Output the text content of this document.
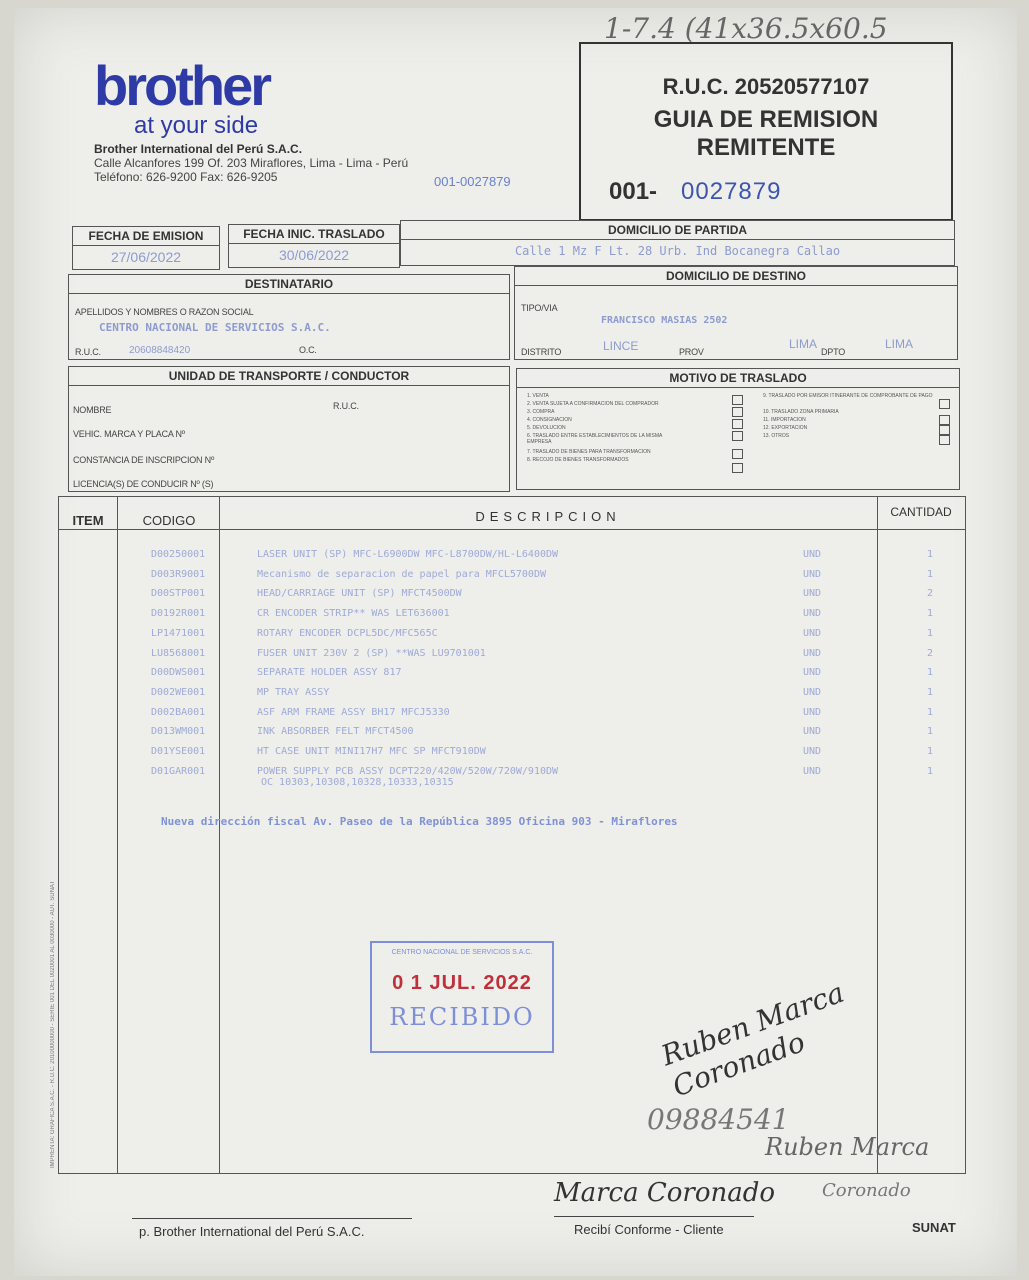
1-7.4 (41x36.5x60.5
brother
at your side
Brother International del Perú S.A.C.
Calle Alcanfores 199 Of. 203 Miraflores, Lima - Lima - Perú
Teléfono: 626-9200 Fax: 626-9205	001-0027879
R.U.C. 20520577107
GUIA DE REMISION
REMITENTE
001- 0027879
FECHA DE EMISION
27/06/2022
FECHA INIC. TRASLADO
30/06/2022
DOMICILIO DE PARTIDA
Calle 1 Mz F Lt. 28 Urb. Ind Bocanegra Callao
DESTINATARIO
APELLIDOS Y NOMBRES O RAZON SOCIAL
CENTRO NACIONAL DE SERVICIOS S.A.C.
R.U.C.	20608848420	O.C.
DOMICILIO DE DESTINO
TIPO/VIA
FRANCISCO MASIAS 2502
DISTRITO	LINCE	PROV
LIMA
DPTO
LIMA
UNIDAD DE TRANSPORTE / CONDUCTOR
NOMBRE	R.U.C.
VEHIC. MARCA Y PLACA Nº
CONSTANCIA DE INSCRIPCION Nº
LICENCIA(S) DE CONDUCIR Nº (S)
MOTIVO DE TRASLADO
1. VENTA
2. VENTA SUJETA A CONFIRMACION DEL COMPRADOR
3. COMPRA
4. CONSIGNACION
5. DEVOLUCION
6. TRASLADO ENTRE ESTABLECIMIENTOS DE LA MISMA EMPRESA
7. TRASLADO DE BIENES PARA TRANSFORMACION
8. RECOJO DE BIENES TRANSFORMADOS
9. TRASLADO POR EMISOR ITINERANTE DE COMPROBANTE DE PAGO
10. TRASLADO ZONA PRIMARIA
11. IMPORTACION
12. EXPORTACION
13. OTROS
IMPRENTA: GRAFICA S.A.C. - R.U.C. 20100000000 - SERIE 001 DEL 0020001 AL 0030000 - AUT. SUNAT
ITEM	CODIGO	DESCRIPCION	CANTIDAD
D00250001	LASER UNIT (SP) MFC-L6900DW MFC-L8700DW/HL-L6400DW	UND	1
D003R9001	Mecanismo de separacion de papel para MFCL5700DW	UND	1
D00STP001	HEAD/CARRIAGE UNIT (SP) MFCT4500DW	UND	2
D0192R001	CR ENCODER STRIP** WAS LET636001	UND	1
LP1471001	ROTARY ENCODER DCPL5DC/MFC565C	UND	1
LU8568001	FUSER UNIT 230V 2 (SP) **WAS LU9701001	UND	2
D00DWS001	SEPARATE HOLDER ASSY 817	UND	1
D002WE001	MP TRAY ASSY	UND	1
D002BA001	ASF ARM FRAME ASSY BH17 MFCJ5330	UND	1
D013WM001	INK ABSORBER FELT MFCT4500	UND	1
D01YSE001	HT CASE UNIT MINI17H7 MFC SP MFCT910DW	UND	1
D01GAR001	POWER SUPPLY PCB ASSY DCPT220/420W/520W/720W/910DW	UND	1
OC 10303,10308,10328,10333,10315
Nueva dirección fiscal Av. Paseo de la República 3895 Oficina 903 - Miraflores
CENTRO NACIONAL DE SERVICIOS S.A.C.
0 1 JUL. 2022
RECIBIDO	Ruben Marca Coronado
09884541
Ruben Marca
Marca Coronado	Coronado
p. Brother International del Perú S.A.C.	Recibí Conforme - Cliente	SUNAT
